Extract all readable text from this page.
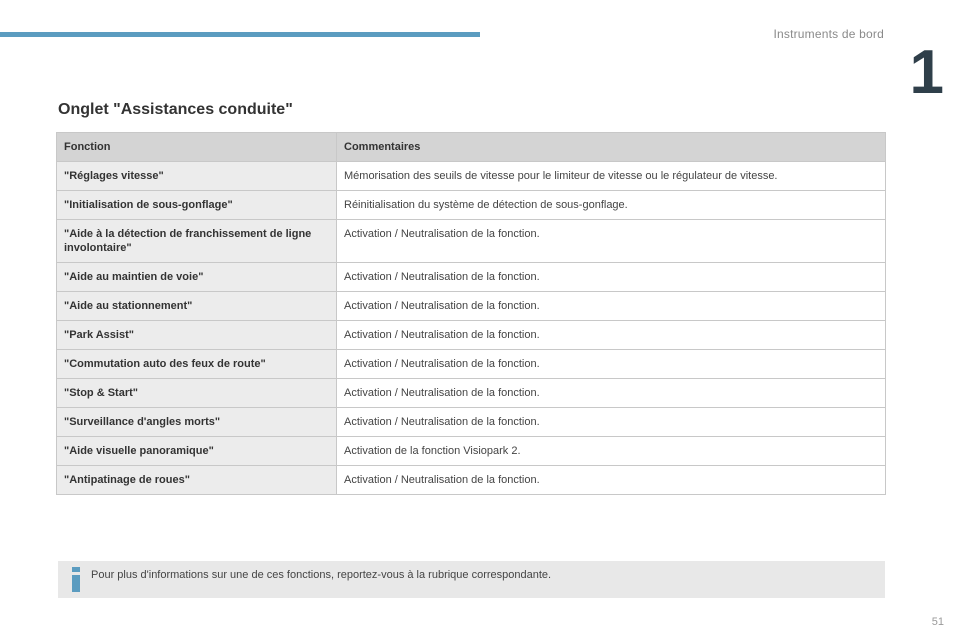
Instruments de bord
1
Onglet "Assistances conduite"
Fonction	Commentaires
"Réglages vitesse"	Mémorisation des seuils de vitesse pour le limiteur de vitesse ou le régulateur de vitesse.
"Initialisation de sous-gonflage"	Réinitialisation du système de détection de sous-gonflage.
"Aide à la détection de franchissement de ligne involontaire"	Activation / Neutralisation de la fonction.
"Aide au maintien de voie"	Activation / Neutralisation de la fonction.
"Aide au stationnement"	Activation / Neutralisation de la fonction.
"Park Assist"	Activation / Neutralisation de la fonction.
"Commutation auto des feux de route"	Activation / Neutralisation de la fonction.
"Stop & Start"	Activation / Neutralisation de la fonction.
"Surveillance d'angles morts"	Activation / Neutralisation de la fonction.
"Aide visuelle panoramique"	Activation de la fonction Visiopark 2.
"Antipatinage de roues"	Activation / Neutralisation de la fonction.
Pour plus d'informations sur une de ces fonctions, reportez-vous à la rubrique correspondante.
51
